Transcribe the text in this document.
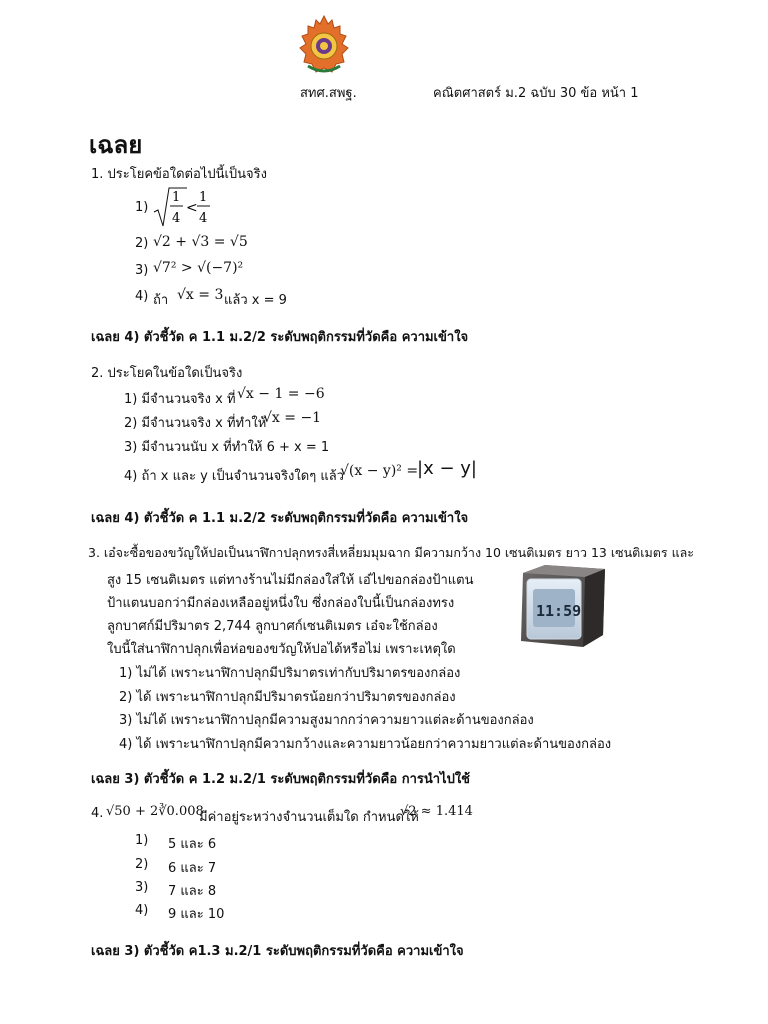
สทศ.สพฐ.	คณิตศาสตร์ ม.2 ฉบับ 30 ข้อ หน้า 1
เฉลย
1. ประโยคข้อใดต่อไปนี้เป็นจริง
1)
1
4
<
1
4
2) √2 + √3 = √5
3) √7² > √(−7)²
4) ถ้า √x = 3 แล้ว x = 9
เฉลย 4) ตัวชี้วัด ค 1.1 ม.2/2 ระดับพฤติกรรมที่วัดคือ ความเข้าใจ
2. ประโยคในข้อใดเป็นจริง
1) มีจำนวนจริง x ที่ √x − 1 = −6
2) มีจำนวนจริง x ที่ทำให้
√x = −1
3) มีจำนวนนับ x ที่ทำให้ 6 + x = 1
4) ถ้า x และ y เป็นจำนวนจริงใดๆ แล้ว
√(x − y)² =
|x − y|
เฉลย 4) ตัวชี้วัด ค 1.1 ม.2/2 ระดับพฤติกรรมที่วัดคือ ความเข้าใจ
3. เอ๋จะซื้อของขวัญให้ปอเป็นนาฬิกาปลุกทรงสี่เหลี่ยมมุมฉาก มีความกว้าง 10 เซนติเมตร ยาว 13 เซนติเมตร และ
สูง 15 เซนติเมตร แต่ทางร้านไม่มีกล่องใส่ให้ เอ๋ไปขอกล่องป้าแตน
ป้าแตนบอกว่ามีกล่องเหลืออยู่หนึ่งใบ ซึ่งกล่องใบนี้เป็นกล่องทรง
ลูกบาศก์มีปริมาตร 2,744 ลูกบาศก์เซนติเมตร เอ๋จะใช้กล่อง
ใบนี้ใส่นาฬิกาปลุกเพื่อห่อของขวัญให้ปอได้หรือไม่ เพราะเหตุใด
11:59
1) ไม่ได้ เพราะนาฬิกาปลุกมีปริมาตรเท่ากับปริมาตรของกล่อง
2) ได้ เพราะนาฬิกาปลุกมีปริมาตรน้อยกว่าปริมาตรของกล่อง
3) ไม่ได้ เพราะนาฬิกาปลุกมีความสูงมากกว่าความยาวแต่ละด้านของกล่อง
4) ได้ เพราะนาฬิกาปลุกมีความกว้างและความยาวน้อยกว่าความยาวแต่ละด้านของกล่อง
เฉลย 3) ตัวชี้วัด ค 1.2 ม.2/1 ระดับพฤติกรรมที่วัดคือ การนำไปใช้
4. √50 + 2∛0.008
มีค่าอยู่ระหว่างจำนวนเต็มใด กำหนดให้
√2 ≈ 1.414
1) 5 และ 6
2) 6 และ 7
3) 7 และ 8
4) 9 และ 10
เฉลย 3) ตัวชี้วัด ค1.3 ม.2/1 ระดับพฤติกรรมที่วัดคือ ความเข้าใจ
